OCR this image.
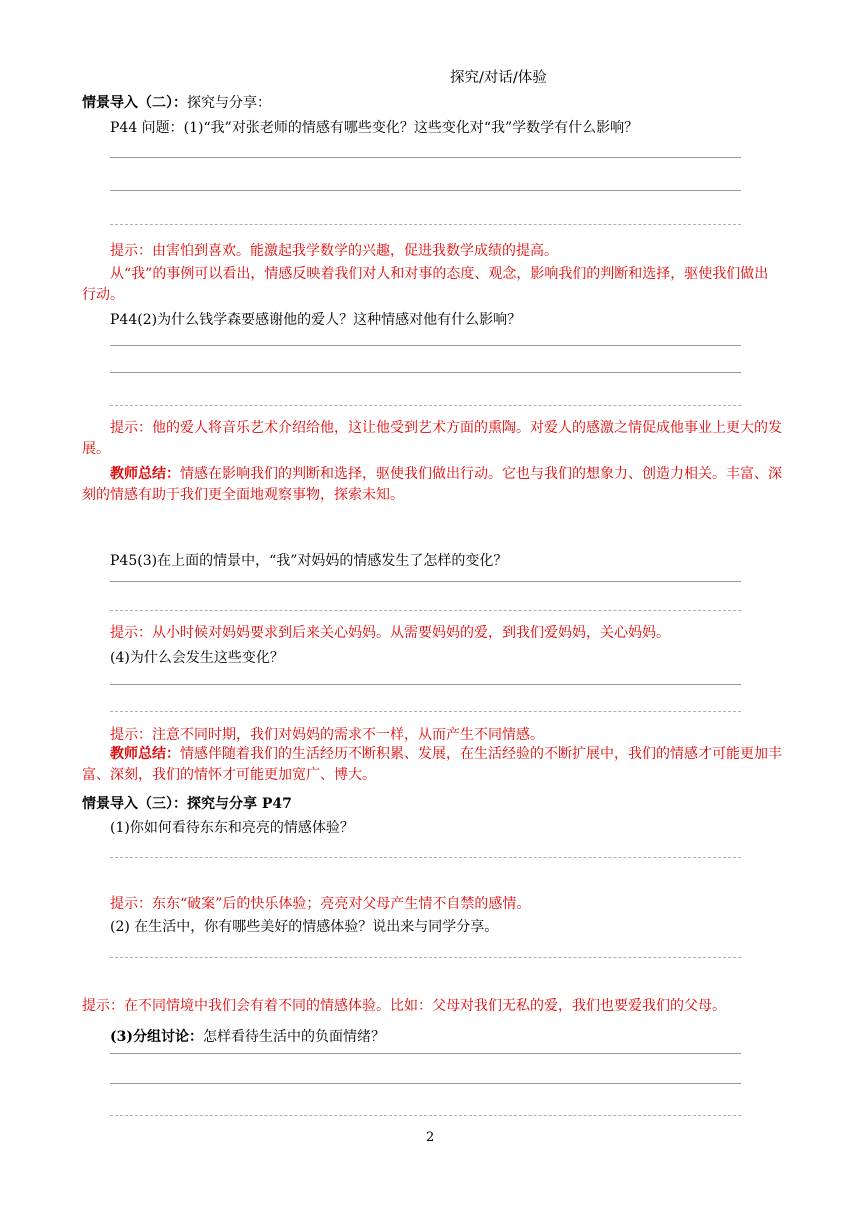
探究/对话/体验
情景导入（二）：探究与分享：
P44 问题：(1)“我”对张老师的情感有哪些变化？这些变化对“我”学数学有什么影响？
提示：由害怕到喜欢。能激起我学数学的兴趣，促进我数学成绩的提高。
从“我”的事例可以看出，情感反映着我们对人和对事的态度、观念，影响我们的判断和选择，驱使我们做出行动。
P44(2)为什么钱学森要感谢他的爱人？这种情感对他有什么影响？
提示：他的爱人将音乐艺术介绍给他，这让他受到艺术方面的熏陶。对爱人的感激之情促成他事业上更大的发展。
教师总结：情感在影响我们的判断和选择，驱使我们做出行动。它也与我们的想象力、创造力相关。丰富、深刻的情感有助于我们更全面地观察事物，探索未知。
P45(3)在上面的情景中，“我”对妈妈的情感发生了怎样的变化？
提示：从小时候对妈妈要求到后来关心妈妈。从需要妈妈的爱，到我们爱妈妈，关心妈妈。
(4)为什么会发生这些变化？
提示：注意不同时期，我们对妈妈的需求不一样，从而产生不同情感。
教师总结：情感伴随着我们的生活经历不断积累、发展，在生活经验的不断扩展中，我们的情感才可能更加丰富、深刻，我们的情怀才可能更加宽广、博大。
情景导入（三）：探究与分享 P47
(1)你如何看待东东和亮亮的情感体验？
提示：东东“破案”后的快乐体验；亮亮对父母产生情不自禁的感情。
(2) 在生活中，你有哪些美好的情感体验？说出来与同学分享。
提示：在不同情境中我们会有着不同的情感体验。比如：父母对我们无私的爱，我们也要爱我们的父母。
(3)分组讨论：怎样看待生活中的负面情绪？
2
